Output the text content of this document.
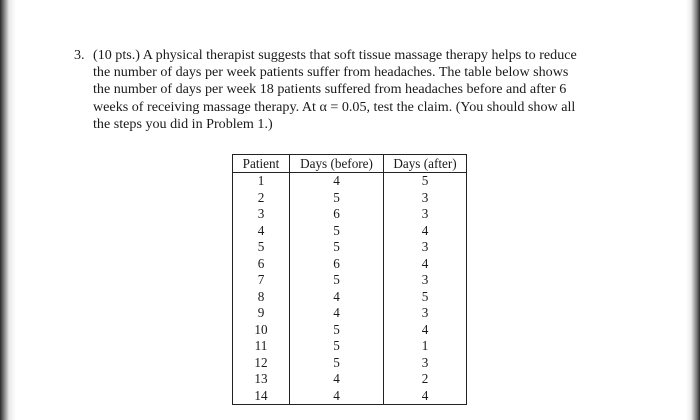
3. (10 pts.) A physical therapist suggests that soft tissue massage therapy helps to reduce
the number of days per week patients suffer from headaches. The table below shows
the number of days per week 18 patients suffered from headaches before and after 6
weeks of receiving massage therapy. At α = 0.05, test the claim. (You should show all
the steps you did in Problem 1.)
Patient	Days (before)	Days (after)
1	4	5
2	5	3
3	6	3
4	5	4
5	5	3
6	6	4
7	5	3
8	4	5
9	4	3
10	5	4
11	5	1
12	5	3
13	4	2
14	4	4
